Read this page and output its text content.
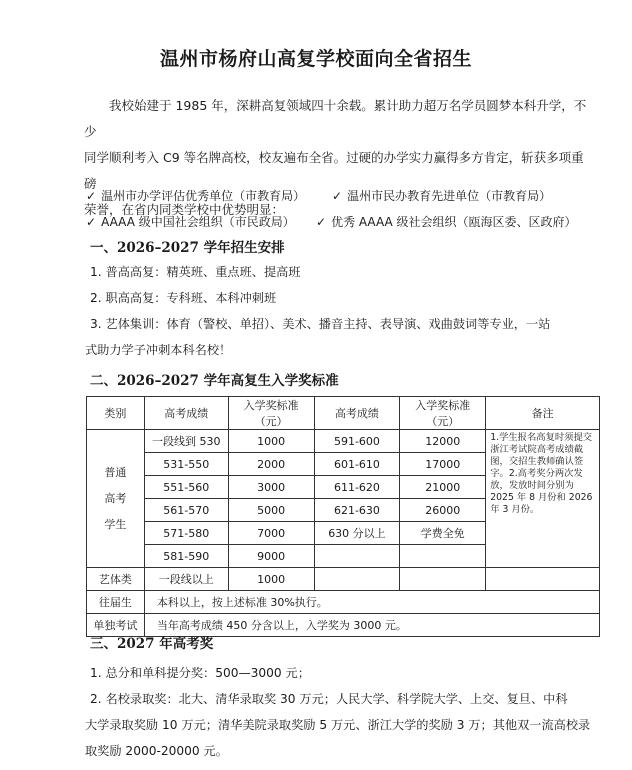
温州市杨府山高复学校面向全省招生

我校始建于 1985 年，深耕高复领域四十余载。累计助力超万名学员圆梦本科升学，不少

同学顺利考入 C9 等名牌高校，校友遍布全省。过硬的办学实力赢得多方肯定，斩获多项重磅

荣誉，在省内同类学校中优势明显：

✓ 温州市办学评估优秀单位（市教育局） ✓ 温州市民办教育先进单位（市教育局）
✓ AAAA 级中国社会组织（市民政局） ✓ 优秀 AAAA 级社会组织（瓯海区委、区政府）
一、2026–2027 学年招生安排
1. 普高高复：精英班、重点班、提高班
2. 职高高复：专科班、本科冲刺班
3. 艺体集训：体育（警校、单招）、美术、播音主持、表导演、戏曲鼓词等专业，一站
式助力学子冲刺本科名校！
二、2026–2027 学年高复生入学奖标准
类别	高考成绩	入学奖标准（元）	高考成绩	入学奖标准（元）	备注

普通
高考
学生	一段线到 530	1000	591-600	12000	1.学生报名高复时须提交浙江考试院高考成绩截图，交招生教师确认签字。2.高考奖分两次发放，发放时间分别为 2025 年 8 月份和 2026 年 3 月份。
	531-550	2000	601-610	17000	
	551-560	3000	611-620	21000	
	561-570	5000	621-630	26000	
	571-580	7000	630 分以上	学费全免	
	581-590	9000			
艺体类	一段线以上	1000			
往届生	本科以上，按上述标准 30%执行。				
单独考试	当年高考成绩 450 分含以上，入学奖为 3000 元。				
三、2027 年高考奖
1. 总分和单科提分奖：500—3000 元；
2. 名校录取奖：北大、清华录取奖 30 万元；人民大学、科学院大学、上交、复旦、中科
大学录取奖励 10 万元；清华美院录取奖励 5 万元、浙江大学的奖励 3 万；其他双一流高校录
取奖励 2000-20000 元。
